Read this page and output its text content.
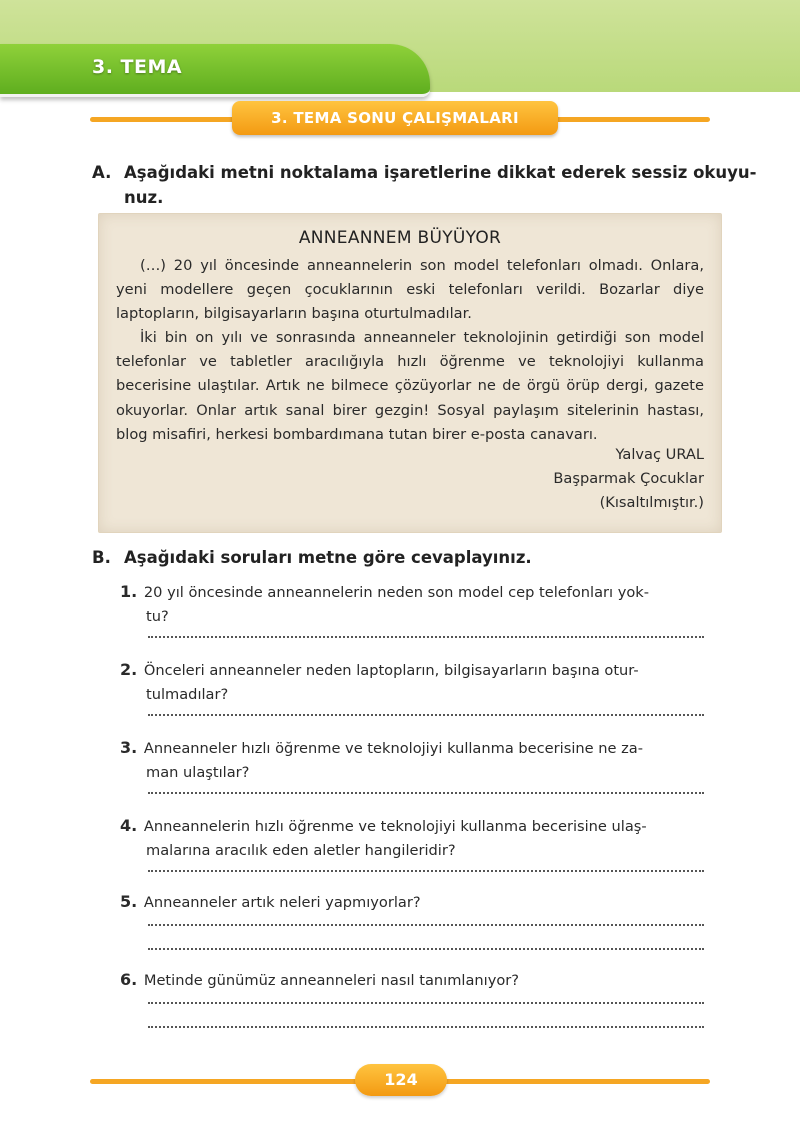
3. TEMA
3. TEMA SONU ÇALIŞMALARI
A. Aşağıdaki metni noktalama işaretlerine dikkat ederek sessiz okuyu-
nuz.
ANNEANNEM BÜYÜYOR
(…) 20 yıl öncesinde anneannelerin son model telefonları olmadı. Onlara, yeni modellere geçen çocuklarının eski telefonları verildi. Bozarlar diye laptopların, bilgisayarların başına oturtulmadılar.
İki bin on yılı ve sonrasında anneanneler teknolojinin getirdiği son model telefonlar ve tabletler aracılığıyla hızlı öğrenme ve teknolojiyi kullanma becerisine ulaştılar. Artık ne bilmece çözüyorlar ne de örgü örüp dergi, gazete okuyorlar. Onlar artık sanal birer gezgin! Sosyal paylaşım sitelerinin hastası, blog misafiri, herkesi bombardımana tutan birer e-posta canavarı.
Yalvaç URAL
Başparmak Çocuklar
(Kısaltılmıştır.)
B. Aşağıdaki soruları metne göre cevaplayınız.
1. 20 yıl öncesinde anneannelerin neden son model cep telefonları yok-
tu?
2. Önceleri anneanneler neden laptopların, bilgisayarların başına otur-
tulmadılar?
3. Anneanneler hızlı öğrenme ve teknolojiyi kullanma becerisine ne za-
man ulaştılar?
4. Anneannelerin hızlı öğrenme ve teknolojiyi kullanma becerisine ulaş-
malarına aracılık eden aletler hangileridir?
5. Anneanneler artık neleri yapmıyorlar?
6. Metinde günümüz anneanneleri nasıl tanımlanıyor?
124
